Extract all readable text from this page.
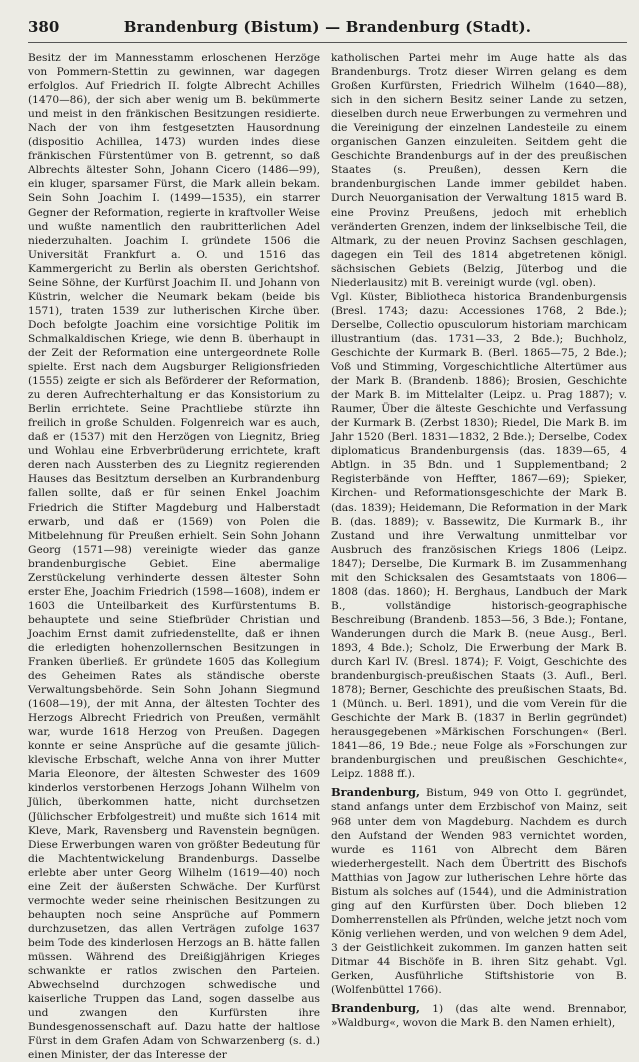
380	Brandenburg (Bistum) — Brandenburg (Stadt).

Besitz der im Mannesstamm erloschenen Herzöge von Pommern-Stettin zu gewinnen, war dagegen erfolglos. Auf Friedrich II. folgte Albrecht Achilles (1470—86), der sich aber wenig um B. bekümmerte und meist in den fränkischen Besitzungen residierte. Nach der von ihm festgesetzten Hausordnung (dispositio Achillea, 1473) wurden indes diese fränkischen Fürstentümer von B. getrennt, so daß Albrechts ältester Sohn, Johann Cicero (1486—99), ein kluger, sparsamer Fürst, die Mark allein bekam. Sein Sohn Joachim I. (1499—1535), ein starrer Gegner der Reformation, regierte in kraftvoller Weise und wußte namentlich den raubritterlichen Adel niederzuhalten. Joachim I. gründete 1506 die Universität Frankfurt a. O. und 1516 das Kammergericht zu Berlin als obersten Gerichtshof. Seine Söhne, der Kurfürst Joachim II. und Johann von Küstrin, welcher die Neumark bekam (beide bis 1571), traten 1539 zur lutherischen Kirche über. Doch befolgte Joachim eine vorsichtige Politik im Schmalkaldischen Kriege, wie denn B. überhaupt in der Zeit der Reformation eine untergeordnete Rolle spielte. Erst nach dem Augsburger Religionsfrieden (1555) zeigte er sich als Beförderer der Reformation, zu deren Aufrechterhaltung er das Konsistorium zu Berlin errichtete. Seine Prachtliebe stürzte ihn freilich in große Schulden. Folgenreich war es auch, daß er (1537) mit den Herzögen von Liegnitz, Brieg und Wohlau eine Erbverbrüderung errichtete, kraft deren nach Aussterben des zu Liegnitz regierenden Hauses das Besitztum derselben an Kurbrandenburg fallen sollte, daß er für seinen Enkel Joachim Friedrich die Stifter Magdeburg und Halberstadt erwarb, und daß er (1569) von Polen die Mitbelehnung für Preußen erhielt. Sein Sohn Johann Georg (1571—98) vereinigte wieder das ganze brandenburgische Gebiet. Eine abermalige Zerstückelung verhinderte dessen ältester Sohn erster Ehe, Joachim Friedrich (1598—1608), indem er 1603 die Unteilbarkeit des Kurfürstentums B. behauptete und seine Stiefbrüder Christian und Joachim Ernst damit zufriedenstellte, daß er ihnen die erledigten hohenzollernschen Besitzungen in Franken überließ. Er gründete 1605 das Kollegium des Geheimen Rates als ständische oberste Verwaltungsbehörde. Sein Sohn Johann Siegmund (1608—19), der mit Anna, der ältesten Tochter des Herzogs Albrecht Friedrich von Preußen, vermählt war, wurde 1618 Herzog von Preußen. Dagegen konnte er seine Ansprüche auf die gesamte jülich-klevische Erbschaft, welche Anna von ihrer Mutter Maria Eleonore, der ältesten Schwester des 1609 kinderlos verstorbenen Herzogs Johann Wilhelm von Jülich, überkommen hatte, nicht durchsetzen (Jülichscher Erbfolgestreit) und mußte sich 1614 mit Kleve, Mark, Ravensberg und Ravenstein begnügen. Diese Erwerbungen waren von größter Bedeutung für die Machtentwickelung Brandenburgs. Dasselbe erlebte aber unter Georg Wilhelm (1619—40) noch eine Zeit der äußersten Schwäche. Der Kurfürst vermochte weder seine rheinischen Besitzungen zu behaupten noch seine Ansprüche auf Pommern durchzusetzen, das allen Verträgen zufolge 1637 beim Tode des kinderlosen Herzogs an B. hätte fallen müssen. Während des Dreißigjährigen Krieges schwankte er ratlos zwischen den Parteien. Abwechselnd durchzogen schwedische und kaiserliche Truppen das Land, sogen dasselbe aus und zwangen den Kurfürsten ihre Bundesgenossenschaft auf. Dazu hatte der haltlose Fürst in dem Grafen Adam von Schwarzenberg (s. d.) einen Minister, der das Interesse der

katholischen Partei mehr im Auge hatte als das Brandenburgs. Trotz dieser Wirren gelang es dem Großen Kurfürsten, Friedrich Wilhelm (1640—88), sich in den sichern Besitz seiner Lande zu setzen, dieselben durch neue Erwerbungen zu vermehren und die Vereinigung der einzelnen Landesteile zu einem organischen Ganzen einzuleiten. Seitdem geht die Geschichte Brandenburgs auf in der des preußischen Staates (s. Preußen), dessen Kern die brandenburgischen Lande immer gebildet haben. Durch Neuorganisation der Verwaltung 1815 ward B. eine Provinz Preußens, jedoch mit erheblich veränderten Grenzen, indem der linkselbische Teil, die Altmark, zu der neuen Provinz Sachsen geschlagen, dagegen ein Teil des 1814 abgetretenen königl. sächsischen Gebiets (Belzig, Jüterbog und die Niederlausitz) mit B. vereinigt wurde (vgl. oben).

Vgl. Küster, Bibliotheca historica Brandenburgensis (Bresl. 1743; dazu: Accessiones 1768, 2 Bde.); Derselbe, Collectio opusculorum historiam marchicam illustrantium (das. 1731—33, 2 Bde.); Buchholz, Geschichte der Kurmark B. (Berl. 1865—75, 2 Bde.); Voß und Stimming, Vorgeschichtliche Altertümer aus der Mark B. (Brandenb. 1886); Brosien, Geschichte der Mark B. im Mittelalter (Leipz. u. Prag 1887); v. Raumer, Über die älteste Geschichte und Verfassung der Kurmark B. (Zerbst 1830); Riedel, Die Mark B. im Jahr 1520 (Berl. 1831—1832, 2 Bde.); Derselbe, Codex diplomaticus Brandenburgensis (das. 1839—65, 4 Abtlgn. in 35 Bdn. und 1 Supplementband; 2 Registerbände von Heffter, 1867—69); Spieker, Kirchen- und Reformationsgeschichte der Mark B. (das. 1839); Heidemann, Die Reformation in der Mark B. (das. 1889); v. Bassewitz, Die Kurmark B., ihr Zustand und ihre Verwaltung unmittelbar vor Ausbruch des französischen Kriegs 1806 (Leipz. 1847); Derselbe, Die Kurmark B. im Zusammenhang mit den Schicksalen des Gesamtstaats von 1806—1808 (das. 1860); H. Berghaus, Landbuch der Mark B., vollständige historisch-geographische Beschreibung (Brandenb. 1853—56, 3 Bde.); Fontane, Wanderungen durch die Mark B. (neue Ausg., Berl. 1893, 4 Bde.); Scholz, Die Erwerbung der Mark B. durch Karl IV. (Bresl. 1874); F. Voigt, Geschichte des brandenburgisch-preußischen Staats (3. Aufl., Berl. 1878); Berner, Geschichte des preußischen Staats, Bd. 1 (Münch. u. Berl. 1891), und die vom Verein für die Geschichte der Mark B. (1837 in Berlin gegründet) herausgegebenen »Märkischen Forschungen« (Berl. 1841—86, 19 Bde.; neue Folge als »Forschungen zur brandenburgischen und preußischen Geschichte«, Leipz. 1888 ff.).

Brandenburg, Bistum, 949 von Otto I. gegründet, stand anfangs unter dem Erzbischof von Mainz, seit 968 unter dem von Magdeburg. Nachdem es durch den Aufstand der Wenden 983 vernichtet worden, wurde es 1161 von Albrecht dem Bären wiederhergestellt. Nach dem Übertritt des Bischofs Matthias von Jagow zur lutherischen Lehre hörte das Bistum als solches auf (1544), und die Administration ging auf den Kurfürsten über. Doch blieben 12 Domherrenstellen als Pfründen, welche jetzt noch vom König verliehen werden, und von welchen 9 dem Adel, 3 der Geistlichkeit zukommen. Im ganzen hatten seit Ditmar 44 Bischöfe in B. ihren Sitz gehabt. Vgl. Gerken, Ausführliche Stiftshistorie von B. (Wolfenbüttel 1766).

Brandenburg, 1) (das alte wend. Brennabor, »Waldburg«, wovon die Mark B. den Namen erhielt),
